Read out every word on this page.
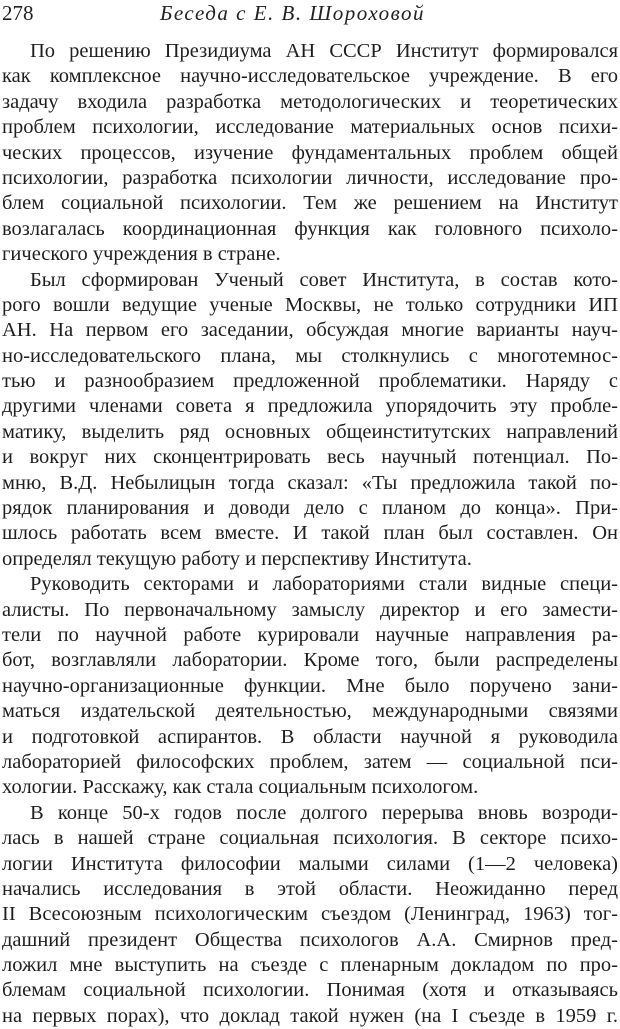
278	Беседа с Е. В. Шороховой

По решению Президиума АН СССР Институт формировался
как комплексное научно-исследовательское учреждение. В его
задачу входила разработка методологических и теоретических
проблем психологии, исследование материальных основ психи-
ческих процессов, изучение фундаментальных проблем общей
психологии, разработка психологии личности, исследование про-
блем социальной психологии. Тем же решением на Институт
возлагалась координационная функция как головного психоло-
гического учреждения в стране.

Был сформирован Ученый совет Института, в состав кото-
рого вошли ведущие ученые Москвы, не только сотрудники ИП
АН. На первом его заседании, обсуждая многие варианты науч-
но-исследовательского плана, мы столкнулись с многотемнос-
тью и разнообразием предложенной проблематики. Наряду с
другими членами совета я предложила упорядочить эту пробле-
матику, выделить ряд основных общеинститутских направлений
и вокруг них сконцентрировать весь научный потенциал. По-
мню, В.Д. Небылицын тогда сказал: «Ты предложила такой по-
рядок планирования и доводи дело с планом до конца». При-
шлось работать всем вместе. И такой план был составлен. Он
определял текущую работу и перспективу Института.

Руководить секторами и лабораториями стали видные специ-
алисты. По первоначальному замыслу директор и его замести-
тели по научной работе курировали научные направления ра-
бот, возглавляли лаборатории. Кроме того, были распределены
научно-организационные функции. Мне было поручено зани-
маться издательской деятельностью, международными связями
и подготовкой аспирантов. В области научной я руководила
лабораторией философских проблем, затем — социальной пси-
хологии. Расскажу, как стала социальным психологом.

В конце 50-х годов после долгого перерыва вновь возроди-
лась в нашей стране социальная психология. В секторе психо-
логии Института философии малыми силами (1—2 человека)
начались исследования в этой области. Неожиданно перед
II Всесоюзным психологическим съездом (Ленинград, 1963) тог-
дашний президент Общества психологов А.А. Смирнов пред-
ложил мне выступить на съезде с пленарным докладом по про-
блемам социальной психологии. Понимая (хотя и отказываясь
на первых порах), что доклад такой нужен (на I съезде в 1959 г.
